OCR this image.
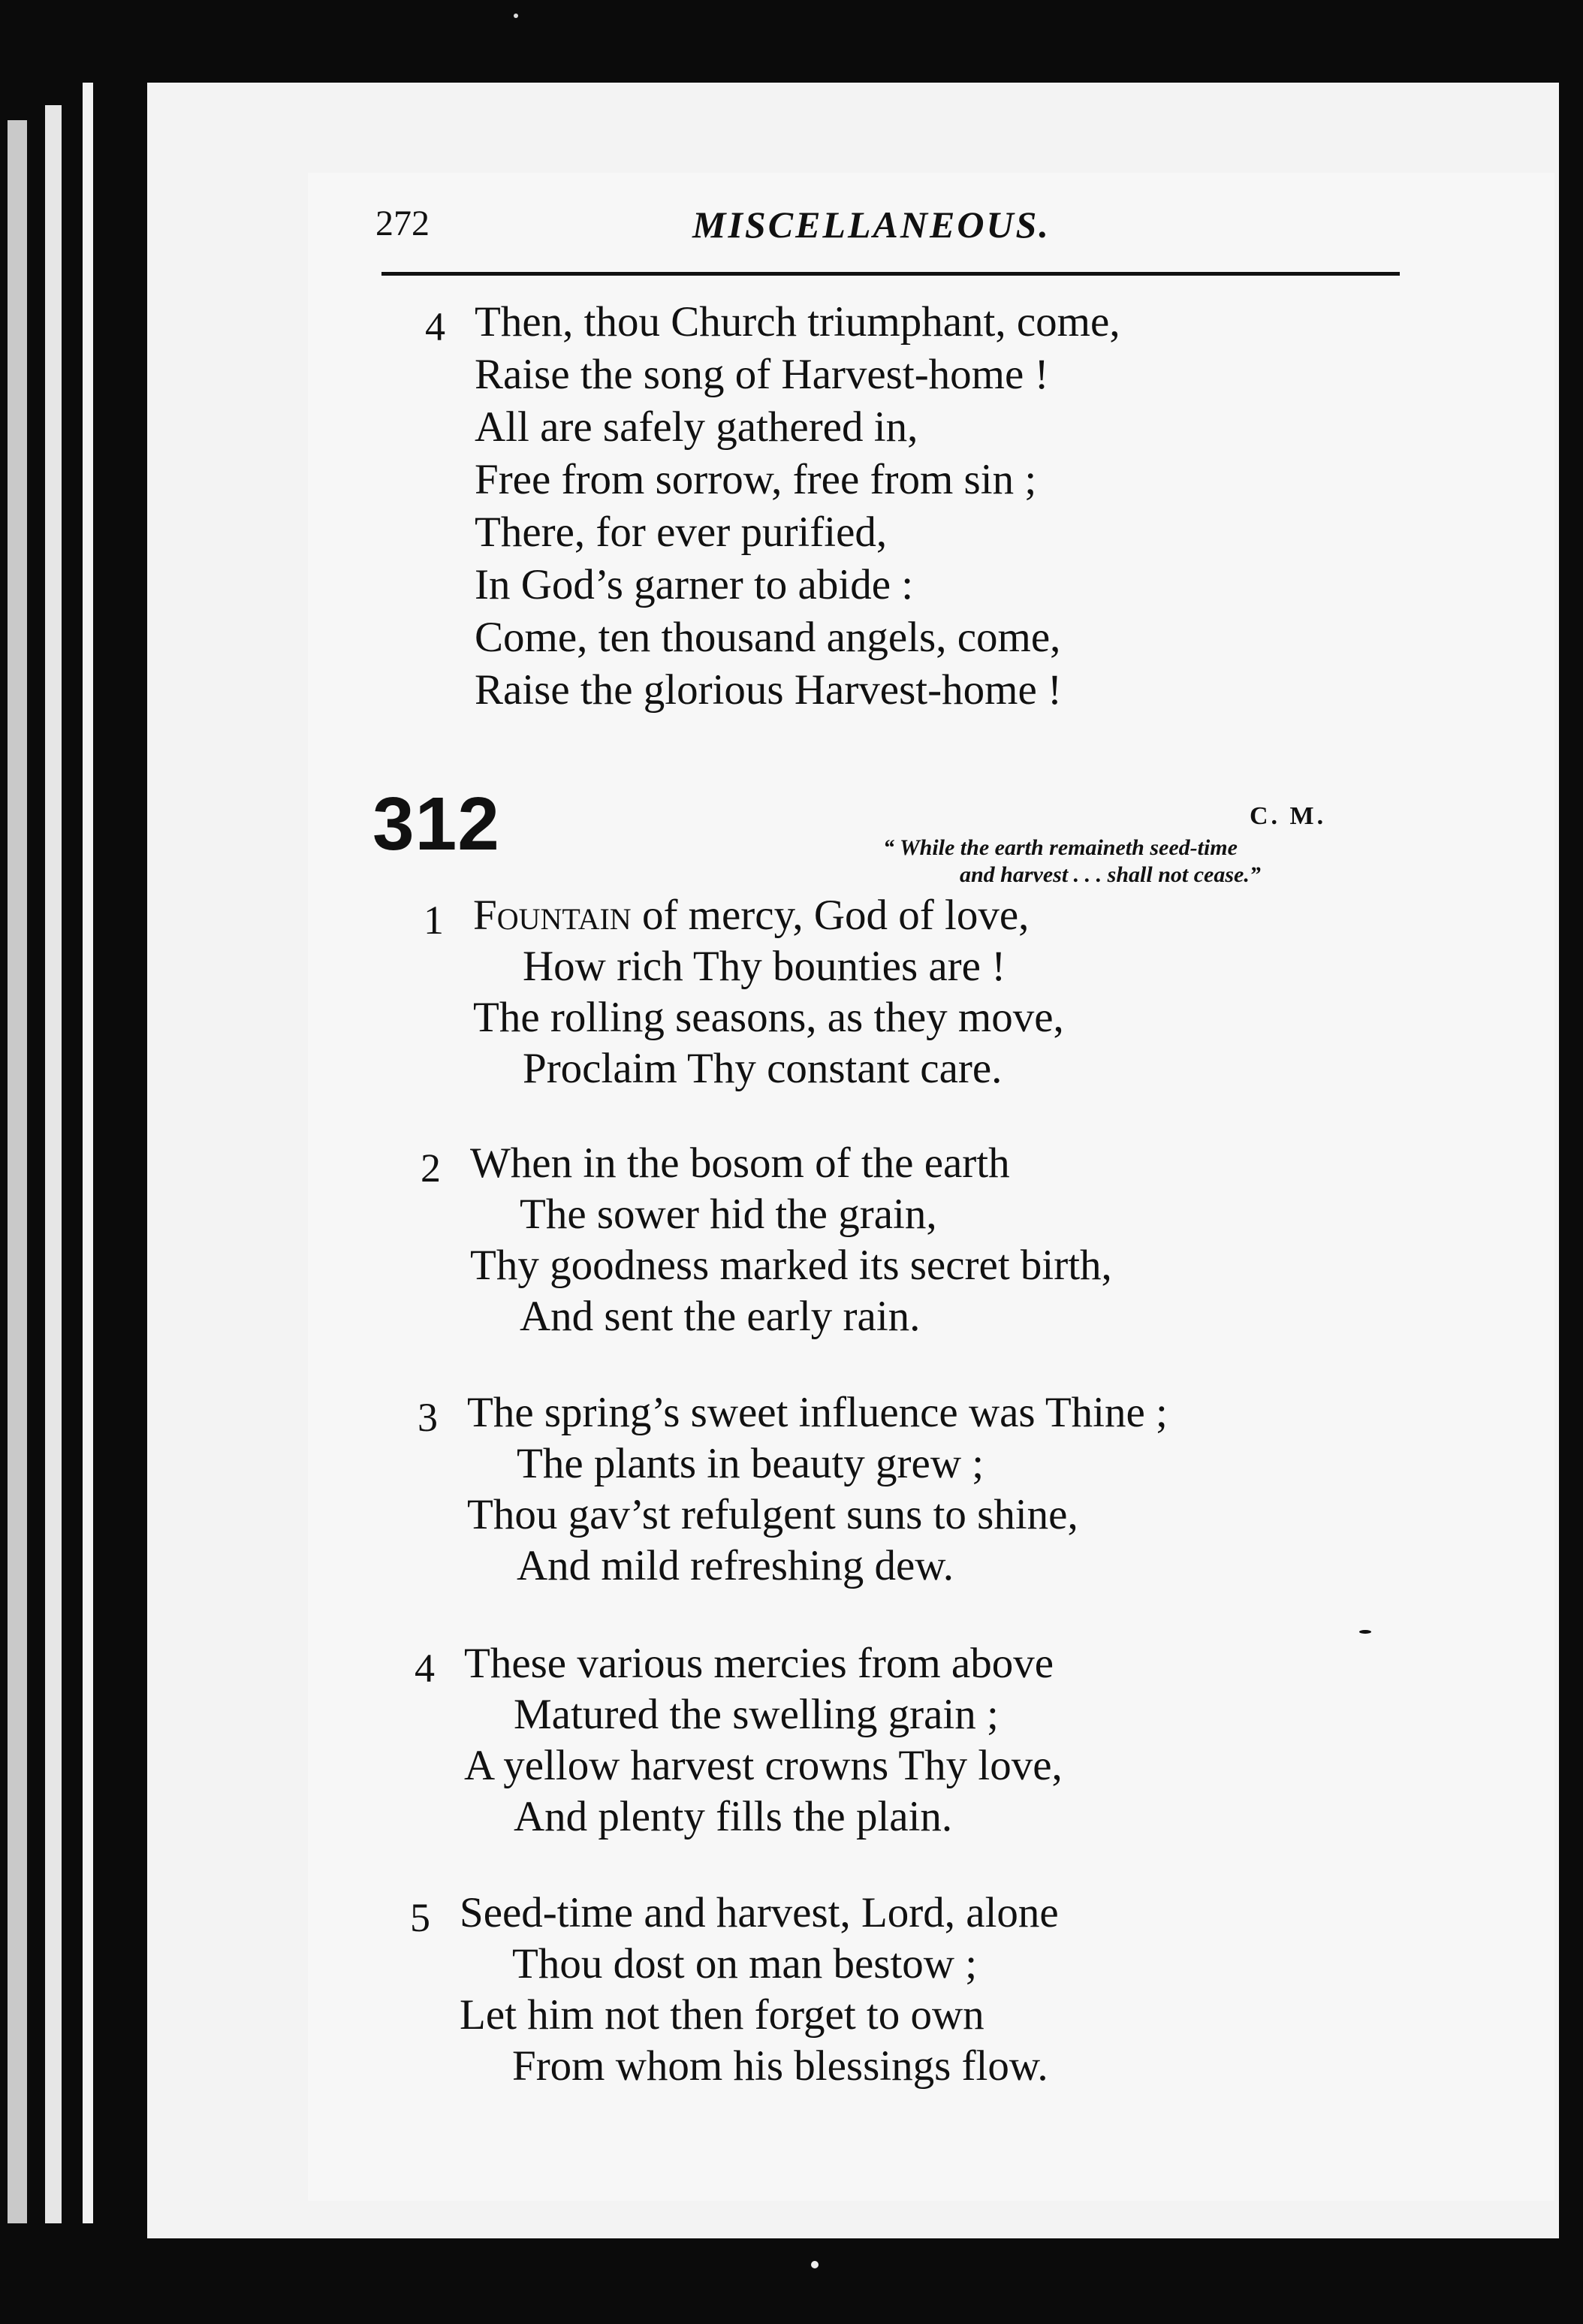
272	MISCELLANEOUS.
4 Then, thou Church triumphant, come,
Raise the song of Harvest-home !
All are safely gathered in,
Free from sorrow, free from sin ;
There, for ever purified,
In God’s garner to abide :
Come, ten thousand angels, come,
Raise the glorious Harvest-home !
312	C. M.
“ While the earth remaineth seed-time
and harvest . . . shall not cease.”
1 Fountain of mercy, God of love,
How rich Thy bounties are !
The rolling seasons, as they move,
Proclaim Thy constant care.
2 When in the bosom of the earth
The sower hid the grain,
Thy goodness marked its secret birth,
And sent the early rain.
3 The spring’s sweet influence was Thine ;
The plants in beauty grew ;
Thou gav’st refulgent suns to shine,
And mild refreshing dew.
4 These various mercies from above
Matured the swelling grain ;
A yellow harvest crowns Thy love,
And plenty fills the plain.
5 Seed-time and harvest, Lord, alone
Thou dost on man bestow ;
Let him not then forget to own
From whom his blessings flow.
